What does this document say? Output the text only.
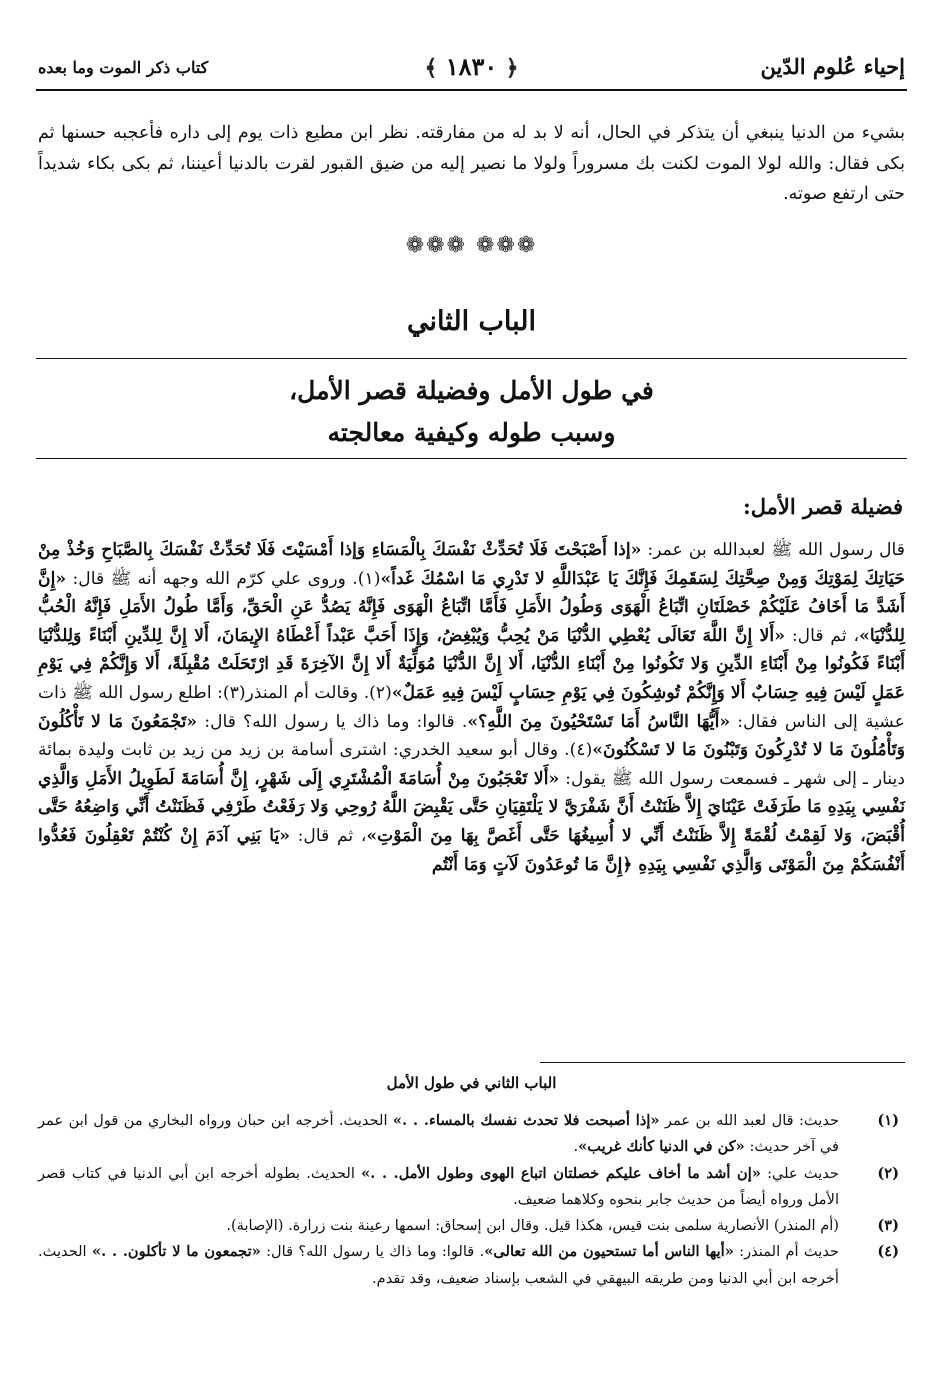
إحياء عُلوم الدّين
﴿ ١٨٣٠ ﴾
كتاب ذكر الموت وما بعده
بشيء من الدنيا ينبغي أن يتذكر في الحال، أنه لا بد له من مفارقته. نظر ابن مطيع ذات يوم إلى داره فأعجبه حسنها ثم بكى فقال: والله لولا الموت لكنت بك مسروراً ولولا ما نصير إليه من ضيق القبور لقرت بالدنيا أعيننا، ثم بكى بكاء شديداً حتى ارتفع صوته.
❁❁❁ ❁❁❁
الباب الثاني
في طول الأمل وفضيلة قصر الأمل،
وسبب طوله وكيفية معالجته
فضيلة قصر الأمل:
قال رسول الله ﷺ لعبدالله بن عمر: «إذا أَصْبَحْتَ فَلَا تُحَدِّثْ نَفْسَكَ بِالْمَسَاءِ وَإذا أَمْسَيْتَ فَلَا تُحَدِّثْ نَفْسَكَ بِالصَّبَاحِ وَخُذْ مِنْ حَيَاتِكَ لِمَوْتِكَ وَمِنْ صِحَّتِكَ لِسَقَمِكَ فَإِنَّكَ يَا عَبْدَاللَّهِ لا تَدْرِي مَا اسْمُكَ غَداً»(١). وروى علي كرّم الله وجهه أنه ﷺ قال: «إِنَّ أَشَدَّ مَا أَخَافُ عَلَيْكُمْ خَصْلَتَانِ اتِّبَاعُ الْهَوَى وَطُولُ الأَمَلِ فَأَمَّا اتِّبَاعُ الْهَوَى فَإِنَّهُ يَصُدُّ عَنِ الْحَقِّ، وَأَمَّا طُولُ الأَمَلِ فَإِنَّهُ الْحُبُّ لِلدُّنْيَا»، ثم قال: «أَلا إِنَّ اللَّهَ تَعَالَى يُعْطِي الدُّنْيَا مَنْ يُحِبُّ وَيُبْغِضُ، وَإِذَا أَحَبَّ عَبْداً أَعْطَاهُ الإِيمَانَ، أَلا إِنَّ لِلدِّينِ أَبْنَاءً وَلِلدُّنْيَا أَبْنَاءً فَكُونُوا مِنْ أَبْنَاءِ الدِّينِ وَلا تَكُونُوا مِنْ أَبْنَاءِ الدُّنْيَا، أَلا إِنَّ الدُّنْيَا مُوَلِّيَةٌ أَلا إِنَّ الآخِرَةَ قَدِ ارْتَحَلَتْ مُقْبِلَةً، أَلا وَإِنَّكُمْ فِي يَوْمِ عَمَلٍ لَيْسَ فِيهِ حِسَابٌ أَلا وَإِنَّكُمْ تُوشِكُونَ فِي يَوْمِ حِسَابٍ لَيْسَ فِيهِ عَمَلٌ»(٢). وقالت أم المنذر(٣): اطلع رسول الله ﷺ ذات عشية إلى الناس فقال: «أَيُّهَا النَّاسُ أَمَا تَسْتَحْيُونَ مِنَ اللَّهِ؟». قالوا: وما ذاك يا رسول الله؟ قال: «تَجْمَعُونَ مَا لا تَأْكُلُونَ وَتَأْمُلُونَ مَا لا تُدْرِكُونَ وَتَبْنُونَ مَا لا تَسْكُنُونَ»(٤). وقال أبو سعيد الخدري: اشترى أسامة بن زيد من زيد بن ثابت وليدة بمائة دينار ـ إلى شهر ـ فسمعت رسول الله ﷺ يقول: «أَلا تَعْجَبُونَ مِنْ أُسَامَةَ الْمُشْتَرِي إِلَى شَهْرٍ، إِنَّ أُسَامَةَ لَطَوِيلُ الأَمَلِ وَالَّذِي نَفْسِي بِيَدِهِ مَا طَرَفَتْ عَيْنَايَ إِلاَّ ظَنَنْتُ أَنَّ شَفْرَيَّ لا يَلْتَقِيَانِ حَتَّى يَقْبِضَ اللَّهُ رُوحِي وَلا رَفَعْتُ طَرْفِي فَظَنَنْتُ أَنِّي وَاضِعُهُ حَتَّى أُقْبَضَ، وَلا لَقِمْتُ لُقْمَةً إِلاَّ ظَنَنْتُ أَنِّي لا أُسِيغُهَا حَتَّى أَغَصَّ بِهَا مِنَ الْمَوْتِ»، ثم قال: «يَا بَنِي آدَمَ إِنْ كُنْتُمْ تَعْقِلُونَ فَعُدُّوا أَنْفُسَكُمْ مِنَ الْمَوْتَى وَالَّذِي نَفْسِي بِيَدِهِ ﴿إِنَّ مَا تُوعَدُونَ لَآتٍ وَمَا أَنْتُم
الباب الثاني في طول الأمل
(١)
حديث: قال لعبد الله بن عمر «إذا أصبحت فلا تحدث نفسك بالمساء. . .» الحديث. أخرجه ابن حبان ورواه البخاري من قول ابن عمر في آخر حديث: «كن في الدنيا كأنك غريب».
(٢)
حديث علي: «إن أشد ما أخاف عليكم خصلتان اتباع الهوى وطول الأمل. . .» الحديث. بطوله أخرجه ابن أبي الدنيا في كتاب قصر الأمل ورواه أيضاً من حديث جابر بنحوه وكلاهما ضعيف.
(٣)
(أم المنذر) الأنصارية سلمى بنت قيس، هكذا قيل. وقال ابن إسحاق: اسمها رعينة بنت زرارة. (الإصابة).
(٤)
حديث أم المنذر: «أيها الناس أما تستحيون من الله تعالى». قالوا: وما ذاك يا رسول الله؟ قال: «تجمعون ما لا تأكلون. . .» الحديث. أخرجه ابن أبي الدنيا ومن طريقه البيهقي في الشعب بإسناد ضعيف، وقد تقدم.
